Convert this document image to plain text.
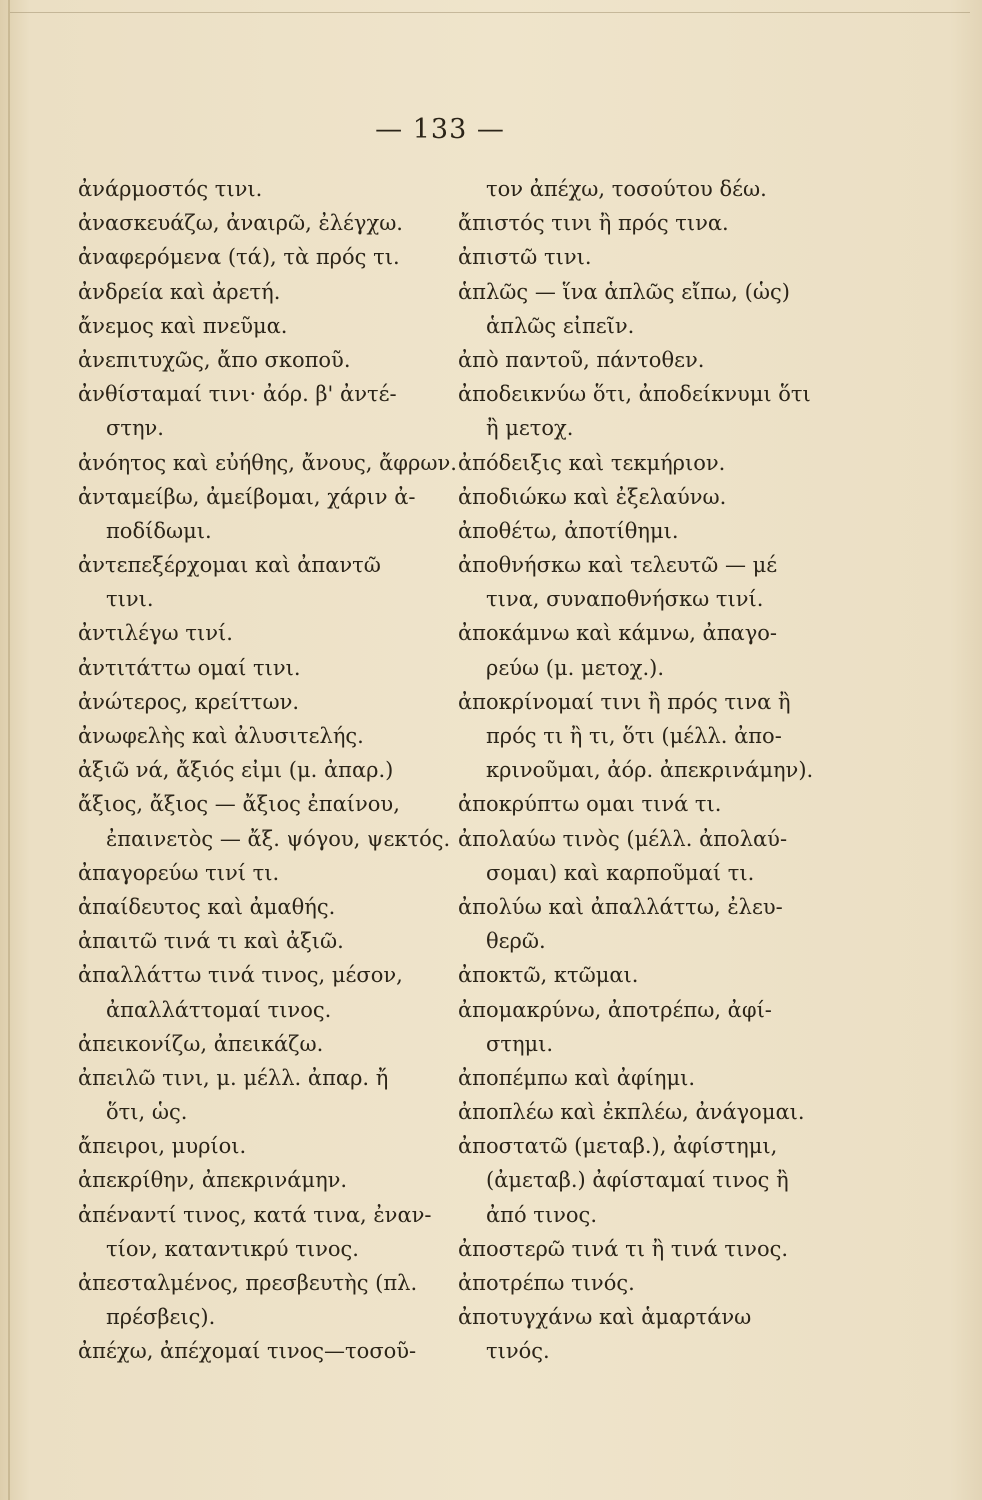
— 133 —
ἀνάρμοστός τινι.
ἀνασκευάζω, ἀναιρῶ, ἐλέγχω.
ἀναφερόμενα (τά), τὰ πρός τι.
ἀνδρεία καὶ ἀρετή.
ἄνεμος καὶ πνεῦμα.
ἀνεπιτυχῶς, ἄπο σκοποῦ.
ἀνθίσταμαί τινι· ἀόρ. β' ἀντέ-
στην.
ἀνόητος καὶ εὐήθης, ἄνους, ἄφρων.
ἀνταμείβω, ἀμείβομαι, χάριν ἀ-
ποδίδωμι.
ἀντεπεξέρχομαι καὶ ἀπαντῶ
τινι.
ἀντιλέγω τινί.
ἀντιτάττω ομαί τινι.
ἀνώτερος, κρείττων.
ἀνωφελὴς καὶ ἀλυσιτελής.
ἀξιῶ νά, ἄξιός εἰμι (μ. ἀπαρ.)
ἄξιος, ἄξιος — ἄξιος ἐπαίνου,
ἐπαινετὸς — ἄξ. ψόγου, ψεκτός.
ἀπαγορεύω τινί τι.
ἀπαίδευτος καὶ ἀμαθής.
ἀπαιτῶ τινά τι καὶ ἀξιῶ.
ἀπαλλάττω τινά τινος, μέσον,
ἀπαλλάττομαί τινος.
ἀπεικονίζω, ἀπεικάζω.
ἀπειλῶ τινι, μ. μέλλ. ἀπαρ. ἤ
ὅτι, ὡς.
ἄπειροι, μυρίοι.
ἀπεκρίθην, ἀπεκρινάμην.
ἀπέναντί τινος, κατά τινα, ἐναν-
τίον, καταντικρύ τινος.
ἀπεσταλμένος, πρεσβευτὴς (πλ.
πρέσβεις).
ἀπέχω, ἀπέχομαί τινος—τοσοῦ-
τον ἀπέχω, τοσούτου δέω.
ἄπιστός τινι ἢ πρός τινα.
ἀπιστῶ τινι.
ἁπλῶς — ἵνα ἁπλῶς εἴπω, (ὡς)
ἁπλῶς εἰπεῖν.
ἀπὸ παντοῦ, πάντοθεν.
ἀποδεικνύω ὅτι, ἀποδείκνυμι ὅτι
ἢ μετοχ.
ἀπόδειξις καὶ τεκμήριον.
ἀποδιώκω καὶ ἐξελαύνω.
ἀποθέτω, ἀποτίθημι.
ἀποθνήσκω καὶ τελευτῶ — μέ
τινα, συναποθνήσκω τινί.
ἀποκάμνω καὶ κάμνω, ἀπαγο-
ρεύω (μ. μετοχ.).
ἀποκρίνομαί τινι ἢ πρός τινα ἢ
πρός τι ἢ τι, ὅτι (μέλλ. ἀπο-
κρινοῦμαι, ἀόρ. ἀπεκρινάμην).
ἀποκρύπτω ομαι τινά τι.
ἀπολαύω τινὸς (μέλλ. ἀπολαύ-
σομαι) καὶ καρποῦμαί τι.
ἀπολύω καὶ ἀπαλλάττω, ἐλευ-
θερῶ.
ἀποκτῶ, κτῶμαι.
ἀπομακρύνω, ἀποτρέπω, ἀφί-
στημι.
ἀποπέμπω καὶ ἀφίημι.
ἀποπλέω καὶ ἐκπλέω, ἀνάγομαι.
ἀποστατῶ (μεταβ.), ἀφίστημι,
(ἀμεταβ.) ἀφίσταμαί τινος ἢ
ἀπό τινος.
ἀποστερῶ τινά τι ἢ τινά τινος.
ἀποτρέπω τινός.
ἀποτυγχάνω καὶ ἁμαρτάνω
τινός.
